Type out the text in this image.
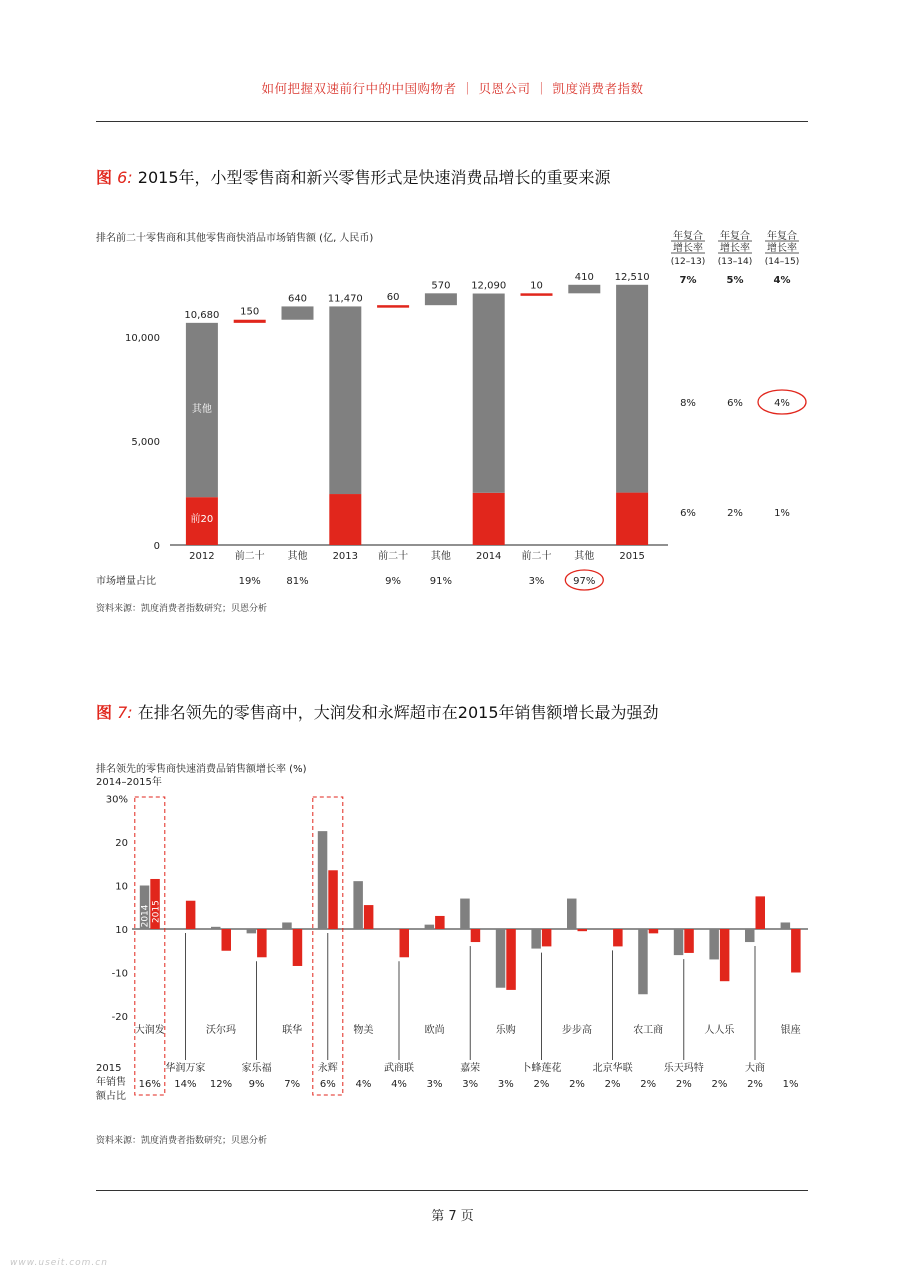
如何把握双速前行中的中国购物者 ｜ 贝恩公司 ｜ 凯度消费者指数
图 6: 2015年，小型零售商和新兴零售形式是快速消费品增长的重要来源
排名前二十零售商和其他零售商快消品市场销售额 (亿, 人民币)
0
5,000
10,000
10,680
2012
150
前二十
19%
640
其他
81%
11,470
2013
60
前二十
9%
570
其他
91%
12,090
2014
10
前二十
3%
410
其他
97%
12,510
2015
前20
其他
市场增量占比
年复合
增长率
(12–13)
年复合
增长率
(13–14)
年复合
增长率
(14–15)
7%	5%	4%
8%	6%	4%
6%	2%	1%
资料来源：凯度消费者指数研究；贝恩分析
图 7: 在排名领先的零售商中，大润发和永辉超市在2015年销售额增长最为强劲
排名领先的零售商快速消费品销售额增长率 (%)
2014–2015年
30%
20
10
10
-10
-20
大润发
16%
华润万家
14%
沃尔玛
12%
家乐福
9%
联华
7%
永辉
6%
物美
4%
武商联
4%
欧尚
3%
嘉荣
3%
乐购
3%
卜蜂莲花
2%
步步高
2%
北京华联
2%
农工商
2%
乐天玛特
2%
人人乐
2%
大商
2%
银座
1%
2015
年销售
额占比
2014 2015
资料来源：凯度消费者指数研究；贝恩分析
第 7 页
www.useit.com.cn
